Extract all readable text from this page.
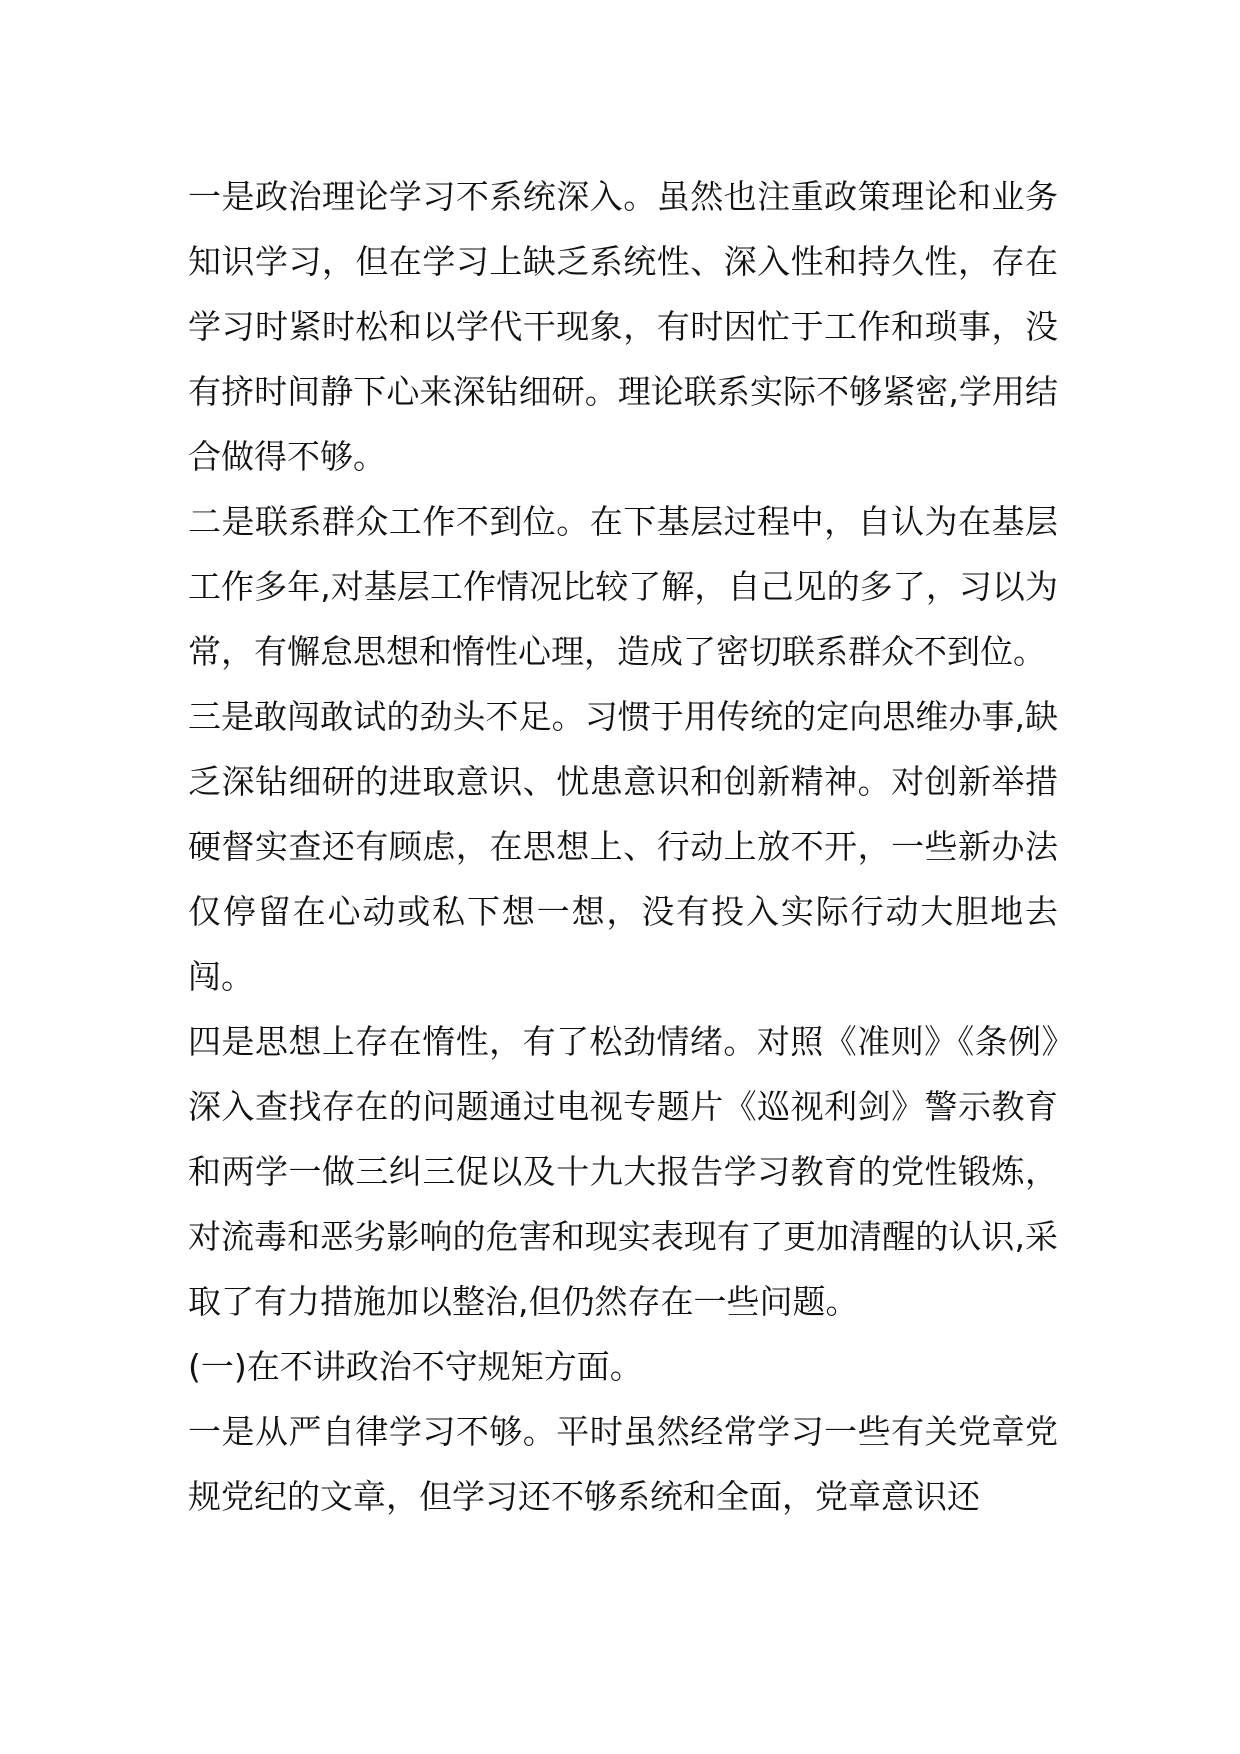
一是政治理论学习不系统深入。虽然也注重政策理论和业务知识学习，但在学习上缺乏系统性、深入性和持久性，存在学习时紧时松和以学代干现象，有时因忙于工作和琐事，没有挤时间静下心来深钻细研。理论联系实际不够紧密,学用结合做得不够。

二是联系群众工作不到位。在下基层过程中，自认为在基层工作多年,对基层工作情况比较了解，自己见的多了，习以为常，有懈怠思想和惰性心理，造成了密切联系群众不到位。

三是敢闯敢试的劲头不足。习惯于用传统的定向思维办事,缺乏深钻细研的进取意识、忧患意识和创新精神。对创新举措硬督实查还有顾虑，在思想上、行动上放不开，一些新办法仅停留在心动或私下想一想，没有投入实际行动大胆地去闯。

四是思想上存在惰性，有了松劲情绪。对照《准则》《条例》深入查找存在的问题通过电视专题片《巡视利剑》警示教育和两学一做三纠三促以及十九大报告学习教育的党性锻炼，对流毒和恶劣影响的危害和现实表现有了更加清醒的认识,采取了有力措施加以整治,但仍然存在一些问题。

(一)在不讲政治不守规矩方面。

一是从严自律学习不够。平时虽然经常学习一些有关党章党规党纪的文章，但学习还不够系统和全面，党章意识还
